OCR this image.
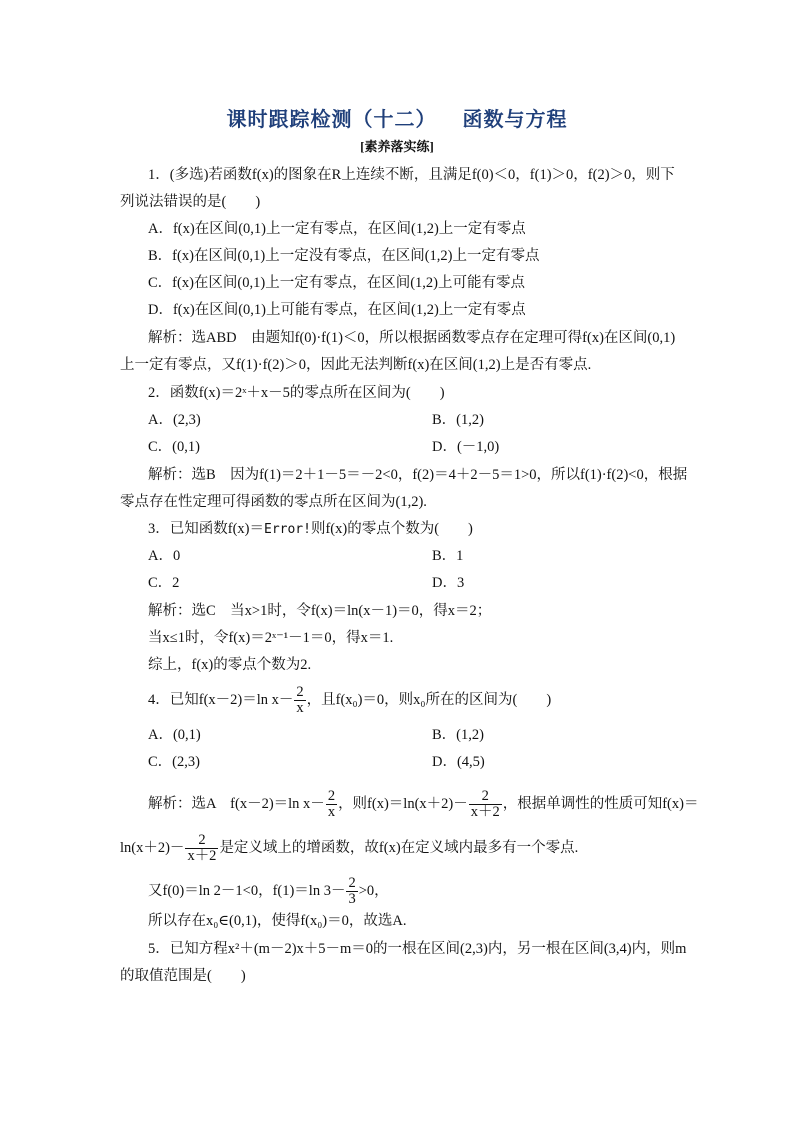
课时跟踪检测（十二） 函数与方程
[素养落实练]
1．(多选)若函数f(x)的图象在R上连续不断，且满足f(0)＜0，f(1)＞0，f(2)＞0，则下
列说法错误的是(　　)
A．f(x)在区间(0,1)上一定有零点，在区间(1,2)上一定有零点
B．f(x)在区间(0,1)上一定没有零点，在区间(1,2)上一定有零点
C．f(x)在区间(0,1)上一定有零点，在区间(1,2)上可能有零点
D．f(x)在区间(0,1)上可能有零点，在区间(1,2)上一定有零点
解析：选ABD　由题知f(0)·f(1)＜0，所以根据函数零点存在定理可得f(x)在区间(0,1)
上一定有零点，又f(1)·f(2)＞0，因此无法判断f(x)在区间(1,2)上是否有零点.
2．函数f(x)＝2ˣ＋x－5的零点所在区间为(　　)
A．(2,3)	B．(1,2)
C．(0,1)	D．(－1,0)
解析：选B　因为f(1)＝2＋1－5＝－2<0，f(2)＝4＋2－5＝1>0，所以f(1)·f(2)<0，根据
零点存在性定理可得函数的零点所在区间为(1,2).
3．已知函数f(x)＝Error!则f(x)的零点个数为(　　)
A．0	B．1
C．2	D．3
解析：选C　当x>1时，令f(x)＝ln(x－1)＝0，得x＝2；
当x≤1时，令f(x)＝2ˣ⁻¹－1＝0，得x＝1.
综上，f(x)的零点个数为2.
4．已知f(x－2)＝ln $x- \frac{2}{x}$ ，且f(x₀)＝0，则x₀所在的区间为(　　)
A．(0,1)	B．(1,2)
C．(2,3)	D．(4,5)
解析：选A　f(x－2)＝ln $x- \frac{2}{x}$ ，则$f(x)=\ln(x+2)- \frac{2}{x+2}$ ，根据单调性的性质可知f(x)＝
$\ln(x+2)- \frac{2}{x+2}$ 是定义域上的增函数，故f(x)在定义域内最多有一个零点.
又f(0)＝ln 2－1<0，f(1)＝ln $3- \frac{2}{3} >0$，
所以存在x₀∈(0,1)，使得f(x₀)＝0，故选A.
5．已知方程x²＋(m－2)x＋5－m＝0的一根在区间(2,3)内，另一根在区间(3,4)内，则m
的取值范围是(　　)
